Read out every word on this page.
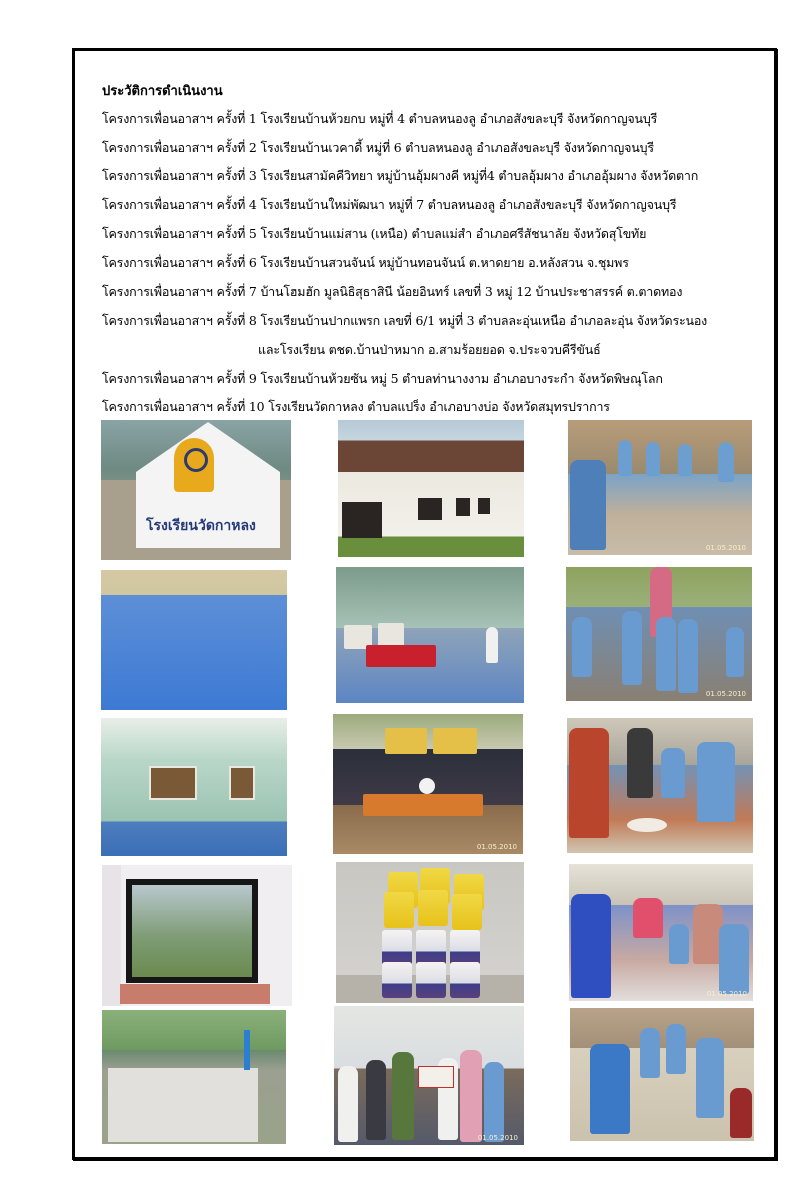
ประวัติการดำเนินงาน
โครงการเพื่อนอาสาฯ ครั้งที่ 1 โรงเรียนบ้านห้วยกบ หมู่ที่ 4 ตำบลหนองลู อำเภอสังขละบุรี จังหวัดกาญจนบุรี
โครงการเพื่อนอาสาฯ ครั้งที่ 2 โรงเรียนบ้านเวคาดี้ หมู่ที่ 6 ตำบลหนองลู อำเภอสังขละบุรี จังหวัดกาญจนบุรี
โครงการเพื่อนอาสาฯ ครั้งที่ 3 โรงเรียนสามัคคีวิทยา หมู่บ้านอุ้มผางคี หมู่ที่4 ตำบลอุ้มผาง อำเภออุ้มผาง จังหวัดตาก
โครงการเพื่อนอาสาฯ ครั้งที่ 4 โรงเรียนบ้านใหม่พัฒนา หมู่ที่ 7 ตำบลหนองลู อำเภอสังขละบุรี จังหวัดกาญจนบุรี
โครงการเพื่อนอาสาฯ ครั้งที่ 5 โรงเรียนบ้านแม่สาน (เหนือ) ตำบลแม่สำ อำเภอศรีสัชนาลัย จังหวัดสุโขทัย
โครงการเพื่อนอาสาฯ ครั้งที่ 6 โรงเรียนบ้านสวนจันน์ หมู่บ้านทอนจันน์ ต.หาดยาย อ.หลังสวน จ.ชุมพร
โครงการเพื่อนอาสาฯ ครั้งที่ 7 บ้านโฮมฮัก มูลนิธิสุธาสินี น้อยอินทร์ เลขที่ 3 หมู่ 12 บ้านประชาสรรค์ ต.ตาดทอง
โครงการเพื่อนอาสาฯ ครั้งที่ 8 โรงเรียนบ้านปากแพรก เลขที่ 6/1 หมู่ที่ 3 ตำบลละอุ่นเหนือ อำเภอละอุ่น จังหวัดระนอง
และโรงเรียน ตชด.บ้านป่าหมาก อ.สามร้อยยอด จ.ประจวบคีรีขันธ์
โครงการเพื่อนอาสาฯ ครั้งที่ 9 โรงเรียนบ้านห้วยซัน หมู่ 5 ตำบลท่านางงาม อำเภอบางระกำ จังหวัดพิษณุโลก
โครงการเพื่อนอาสาฯ ครั้งที่ 10 โรงเรียนวัดกาหลง ตำบลแปร็ง อำเภอบางบ่อ จังหวัดสมุทรปราการ
โรงเรียนวัดกาหลง
01.05.2010
01.05.2010
01.05.2010
01.05.2010
01.05.2010
